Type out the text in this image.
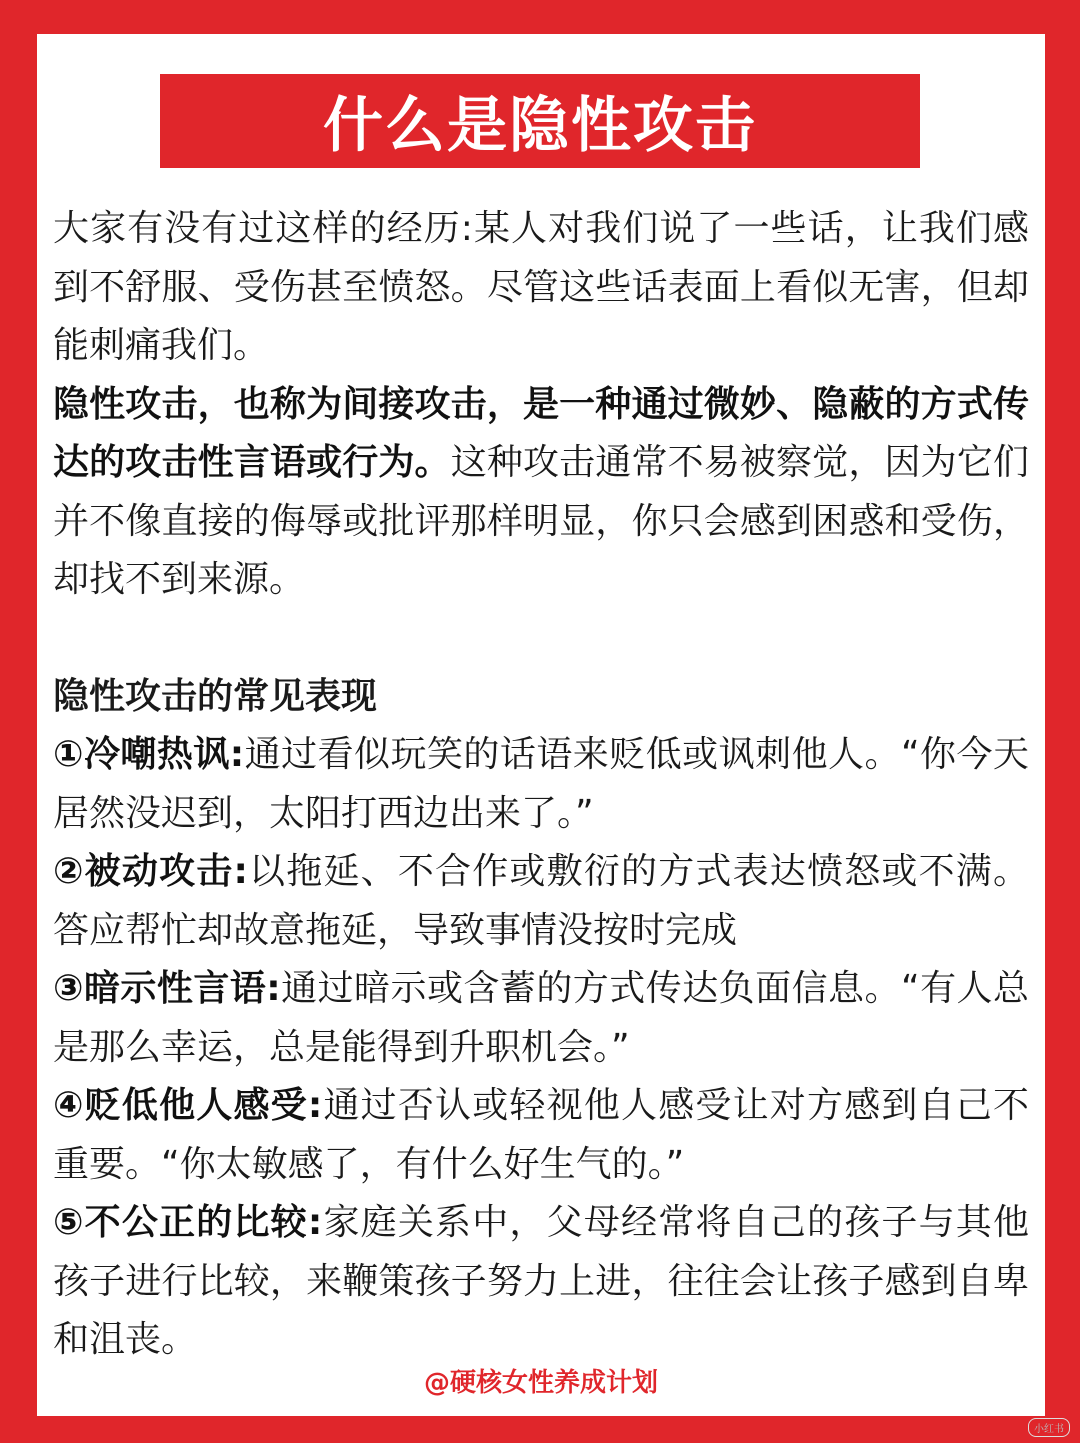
什么是隐性攻击

大家有没有过这样的经历:某人对我们说了一些话，让我们感到不舒服、受伤甚至愤怒。尽管这些话表面上看似无害，但却能刺痛我们。

隐性攻击，也称为间接攻击，是一种通过微妙、隐蔽的方式传达的攻击性言语或行为。这种攻击通常不易被察觉，因为它们并不像直接的侮辱或批评那样明显，你只会感到困惑和受伤，却找不到来源。

隐性攻击的常见表现

①冷嘲热讽:通过看似玩笑的话语来贬低或讽刺他人。“你今天居然没迟到，太阳打西边出来了。”

②被动攻击:以拖延、不合作或敷衍的方式表达愤怒或不满。答应帮忙却故意拖延，导致事情没按时完成

③暗示性言语:通过暗示或含蓄的方式传达负面信息。“有人总是那么幸运，总是能得到升职机会。”

④贬低他人感受:通过否认或轻视他人感受让对方感到自己不重要。“你太敏感了，有什么好生气的。”

⑤不公正的比较:家庭关系中，父母经常将自己的孩子与其他孩子进行比较，来鞭策孩子努力上进，往往会让孩子感到自卑和沮丧。

@硬核女性养成计划
小红书
